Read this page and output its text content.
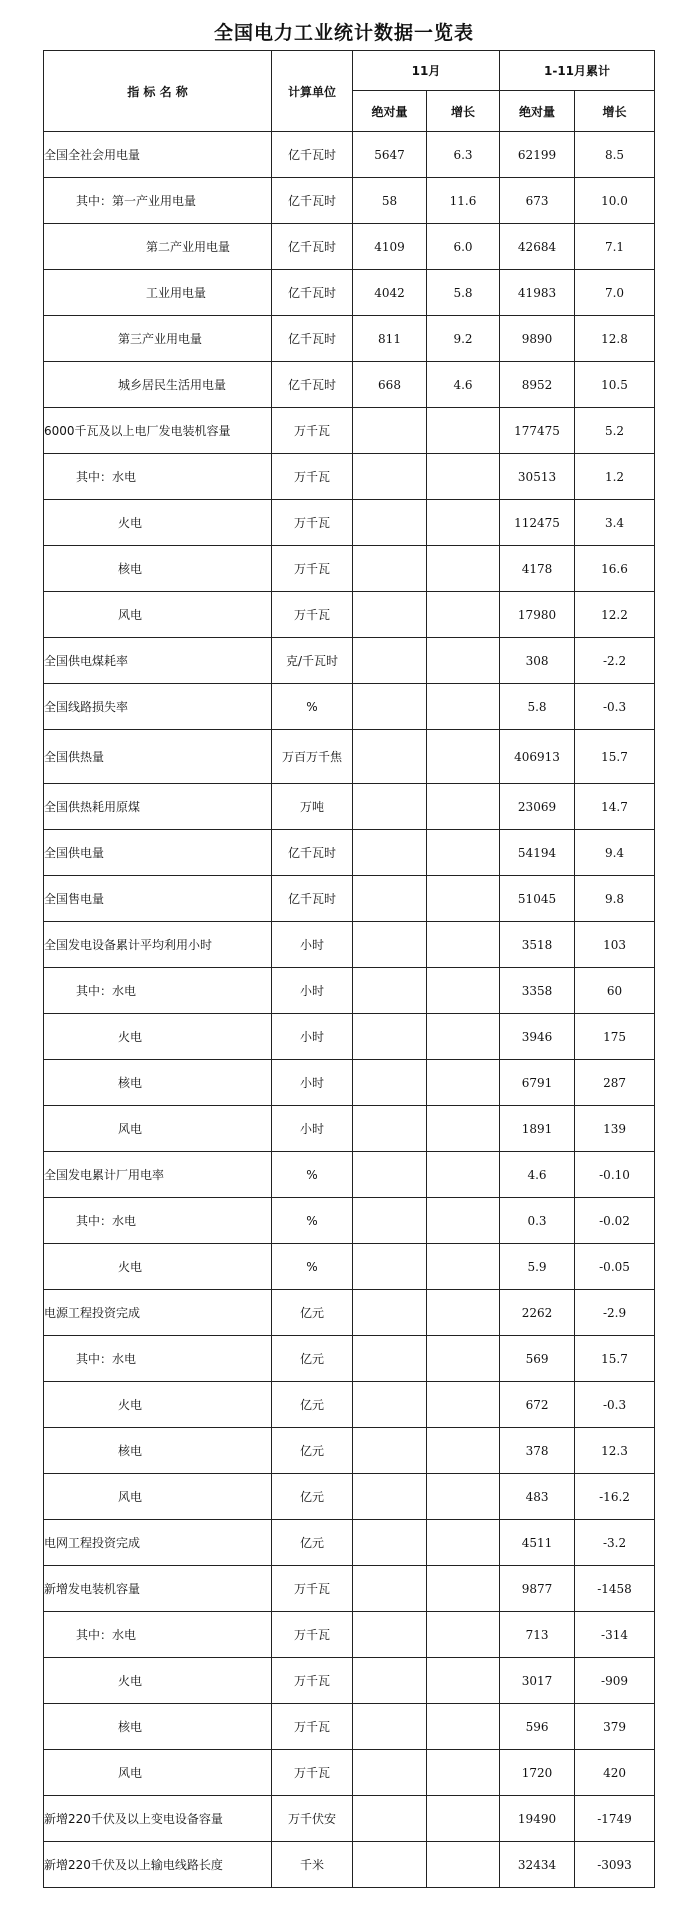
全国电力工业统计数据一览表
指 标 名 称	计算单位	11月		1-11月累计	
		绝对量	增长	绝对量	增长
全国全社会用电量	亿千瓦时	5647	6.3	62199	8.5
其中：第一产业用电量	亿千瓦时	58	11.6	673	10.0
第二产业用电量	亿千瓦时	4109	6.0	42684	7.1
工业用电量	亿千瓦时	4042	5.8	41983	7.0
第三产业用电量	亿千瓦时	811	9.2	9890	12.8
城乡居民生活用电量	亿千瓦时	668	4.6	8952	10.5
6000千瓦及以上电厂发电装机容量	万千瓦			177475	5.2
其中：水电	万千瓦			30513	1.2
火电	万千瓦			112475	3.4
核电	万千瓦			4178	16.6
风电	万千瓦			17980	12.2
全国供电煤耗率	克/千瓦时			308	-2.2
全国线路损失率	%			5.8	-0.3
全国供热量	万百万千焦			406913	15.7
全国供热耗用原煤	万吨			23069	14.7
全国供电量	亿千瓦时			54194	9.4
全国售电量	亿千瓦时			51045	9.8
全国发电设备累计平均利用小时	小时			3518	103
其中：水电	小时			3358	60
火电	小时			3946	175
核电	小时			6791	287
风电	小时			1891	139
全国发电累计厂用电率	%			4.6	-0.10
其中：水电	%			0.3	-0.02
火电	%			5.9	-0.05
电源工程投资完成	亿元			2262	-2.9
其中：水电	亿元			569	15.7
火电	亿元			672	-0.3
核电	亿元			378	12.3
风电	亿元			483	-16.2
电网工程投资完成	亿元			4511	-3.2
新增发电装机容量	万千瓦			9877	-1458
其中：水电	万千瓦			713	-314
火电	万千瓦			3017	-909
核电	万千瓦			596	379
风电	万千瓦			1720	420
新增220千伏及以上变电设备容量	万千伏安			19490	-1749
新增220千伏及以上输电线路长度	千米			32434	-3093
